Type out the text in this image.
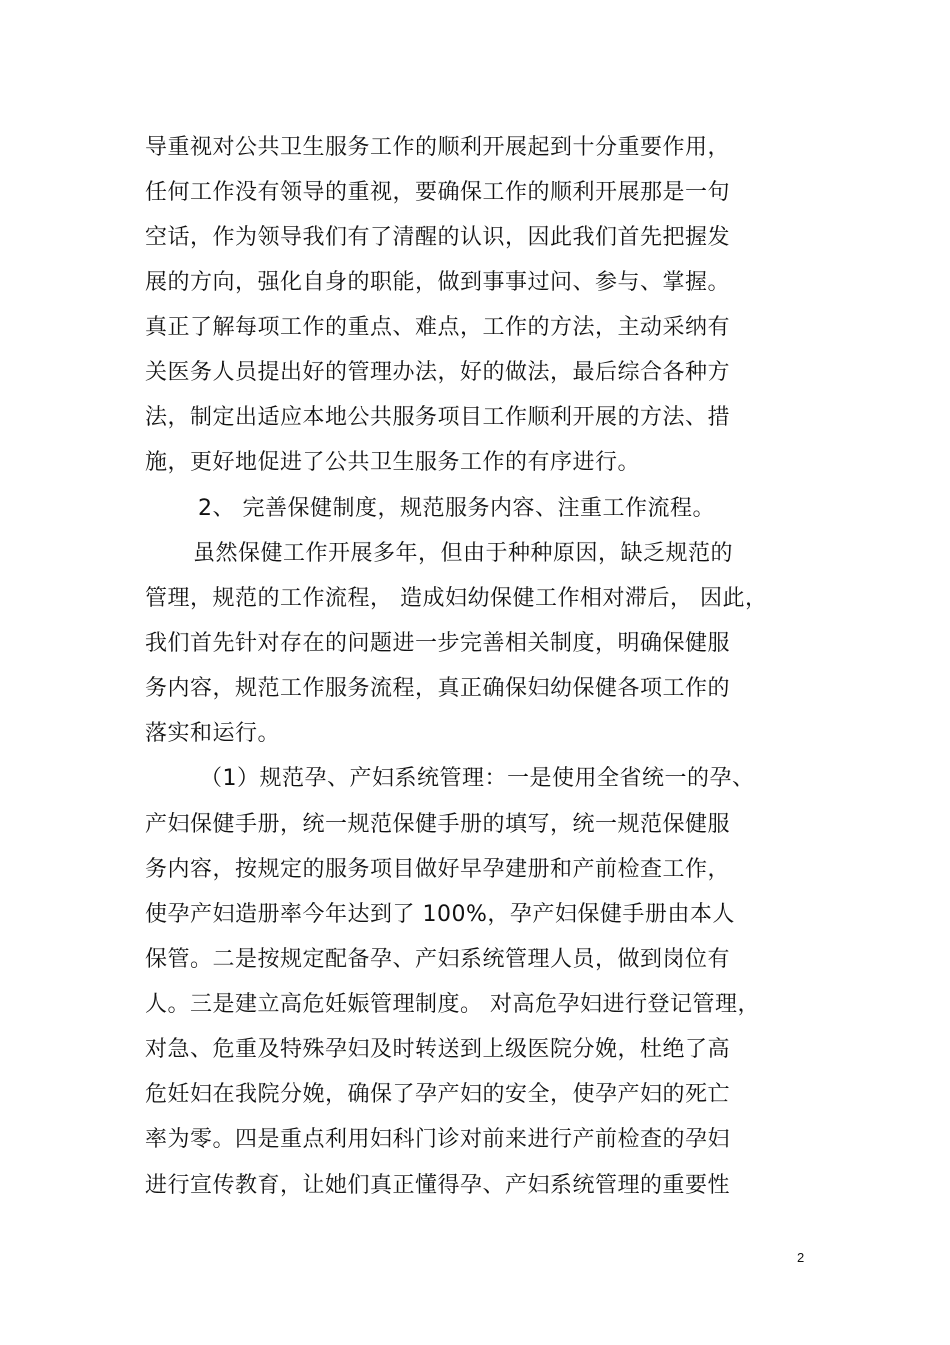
导重视对公共卫生服务工作的顺利开展起到十分重要作用，
任何工作没有领导的重视，要确保工作的顺利开展那是一句
空话，作为领导我们有了清醒的认识，因此我们首先把握发
展的方向，强化自身的职能，做到事事过问、参与、掌握。
真正了解每项工作的重点、难点，工作的方法，主动采纳有
关医务人员提出好的管理办法，好的做法，最后综合各种方
法，制定出适应本地公共服务项目工作顺利开展的方法、措
施，更好地促进了公共卫生服务工作的有序进行。
2、 完善保健制度，规范服务内容、注重工作流程。
虽然保健工作开展多年，但由于种种原因，缺乏规范的
管理，规范的工作流程， 造成妇幼保健工作相对滞后， 因此，
我们首先针对存在的问题进一步完善相关制度，明确保健服
务内容，规范工作服务流程，真正确保妇幼保健各项工作的
落实和运行。
（1）规范孕、产妇系统管理：一是使用全省统一的孕、
产妇保健手册，统一规范保健手册的填写，统一规范保健服
务内容，按规定的服务项目做好早孕建册和产前检查工作，
使孕产妇造册率今年达到了 100%，孕产妇保健手册由本人
保管。二是按规定配备孕、产妇系统管理人员，做到岗位有
人。三是建立高危妊娠管理制度。 对高危孕妇进行登记管理，
对急、危重及特殊孕妇及时转送到上级医院分娩，杜绝了高
危妊妇在我院分娩，确保了孕产妇的安全，使孕产妇的死亡
率为零。四是重点利用妇科门诊对前来进行产前检查的孕妇
进行宣传教育，让她们真正懂得孕、产妇系统管理的重要性
2
